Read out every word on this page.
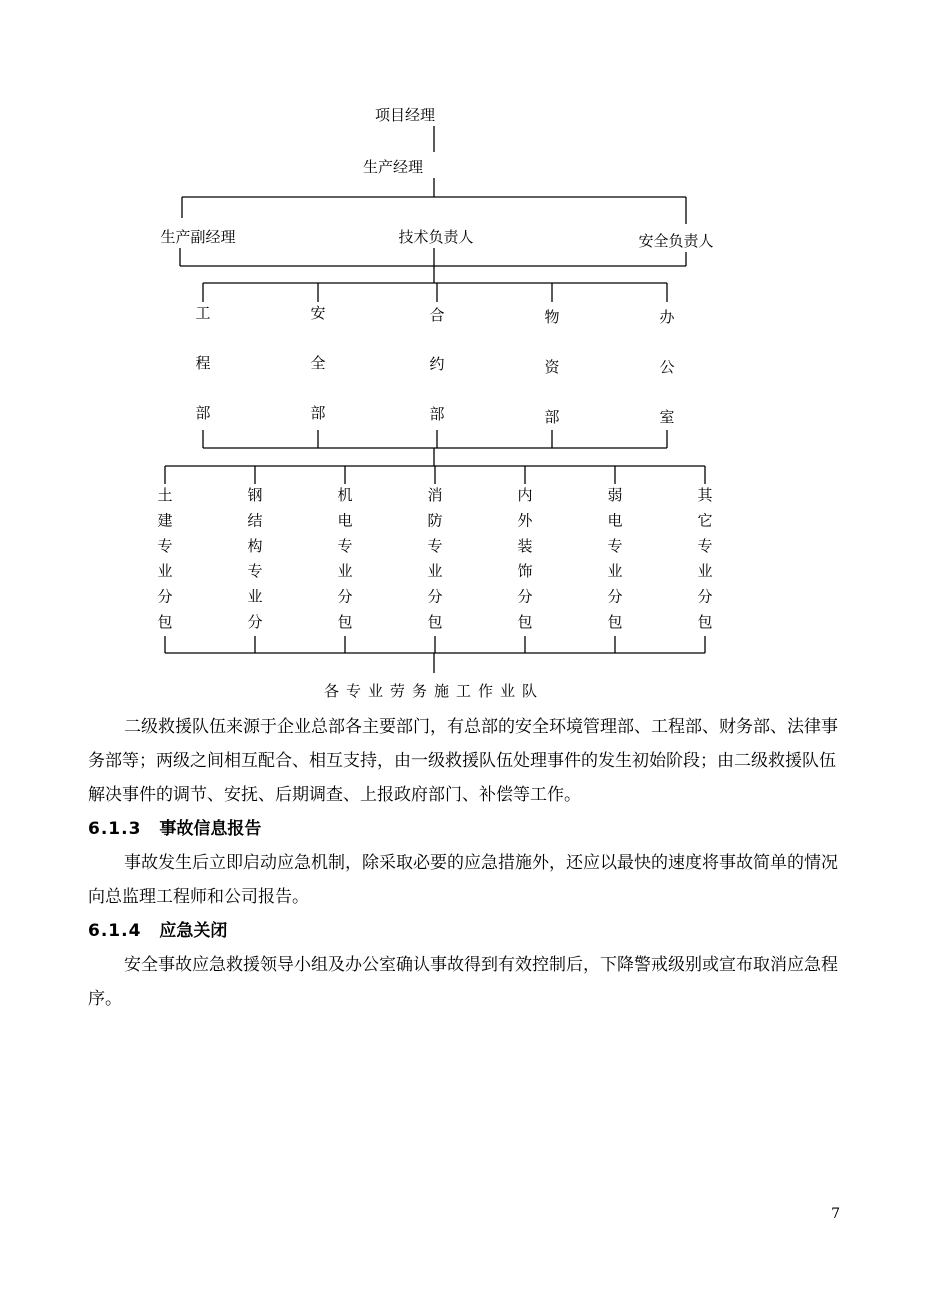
项目经理
生产经理
生产副经理	技术负责人	安全负责人
工
程
部
安
全
部
合
约
部
物
资
部
办
公
室
土
建
专
业
分
包
钢
结
构
专
业
分
机
电
专
业
分
包
消
防
专
业
分
包
内
外
装
饰
分
包
弱
电
专
业
分
包
其
它
专
业
分
包
各专业劳务施工作业队

二级救援队伍来源于企业总部各主要部门，有总部的安全环境管理部、工程部、财务部、法律事务部等；两级之间相互配合、相互支持，由一级救援队伍处理事件的发生初始阶段；由二级救援队伍解决事件的调节、安抚、后期调查、上报政府部门、补偿等工作。

6.1.3 事故信息报告

事故发生后立即启动应急机制，除采取必要的应急措施外，还应以最快的速度将事故简单的情况向总监理工程师和公司报告。

6.1.4 应急关闭

安全事故应急救援领导小组及办公室确认事故得到有效控制后，下降警戒级别或宣布取消应急程序。

7
